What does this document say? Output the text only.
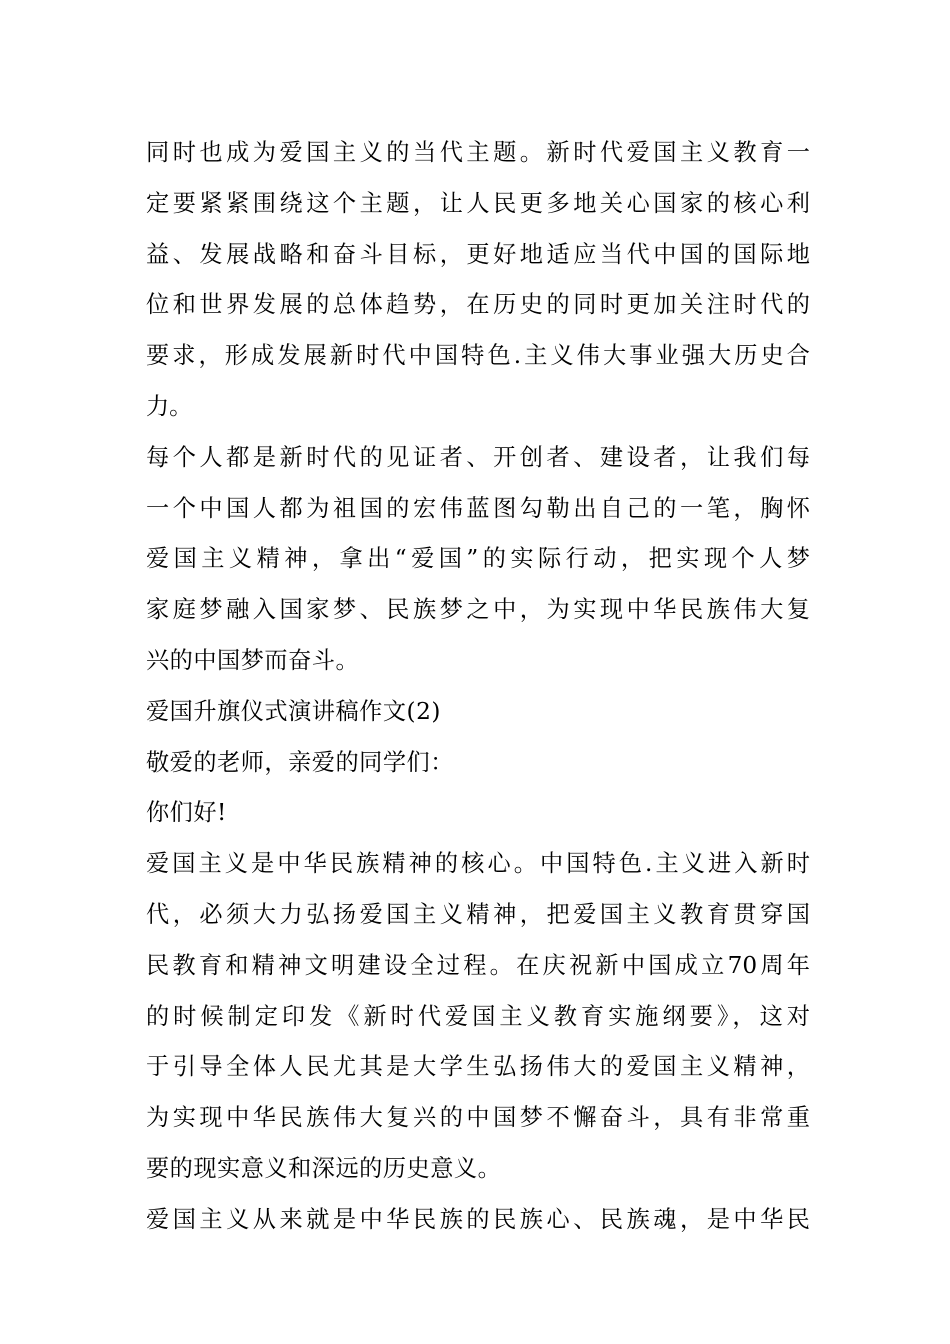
同时也成为爱国主义的当代主题。新时代爱国主义教育一
定要紧紧围绕这个主题，让人民更多地关心国家的核心利
益、发展战略和奋斗目标，更好地适应当代中国的国际地
位和世界发展的总体趋势，在历史的同时更加关注时代的
要求，形成发展新时代中国特色.主义伟大事业强大历史合
力。
每个人都是新时代的见证者、开创者、建设者，让我们每
一个中国人都为祖国的宏伟蓝图勾勒出自己的一笔，胸怀
爱国主义精神，拿出“爱国”的实际行动，把实现个人梦
家庭梦融入国家梦、民族梦之中，为实现中华民族伟大复
兴的中国梦而奋斗。
爱国升旗仪式演讲稿作文(2)
敬爱的老师，亲爱的同学们：
你们好!
爱国主义是中华民族精神的核心。中国特色.主义进入新时
代，必须大力弘扬爱国主义精神，把爱国主义教育贯穿国
民教育和精神文明建设全过程。在庆祝新中国成立70周年
的时候制定印发《新时代爱国主义教育实施纲要》，这对
于引导全体人民尤其是大学生弘扬伟大的爱国主义精神，
为实现中华民族伟大复兴的中国梦不懈奋斗，具有非常重
要的现实意义和深远的历史意义。
爱国主义从来就是中华民族的民族心、民族魂，是中华民
